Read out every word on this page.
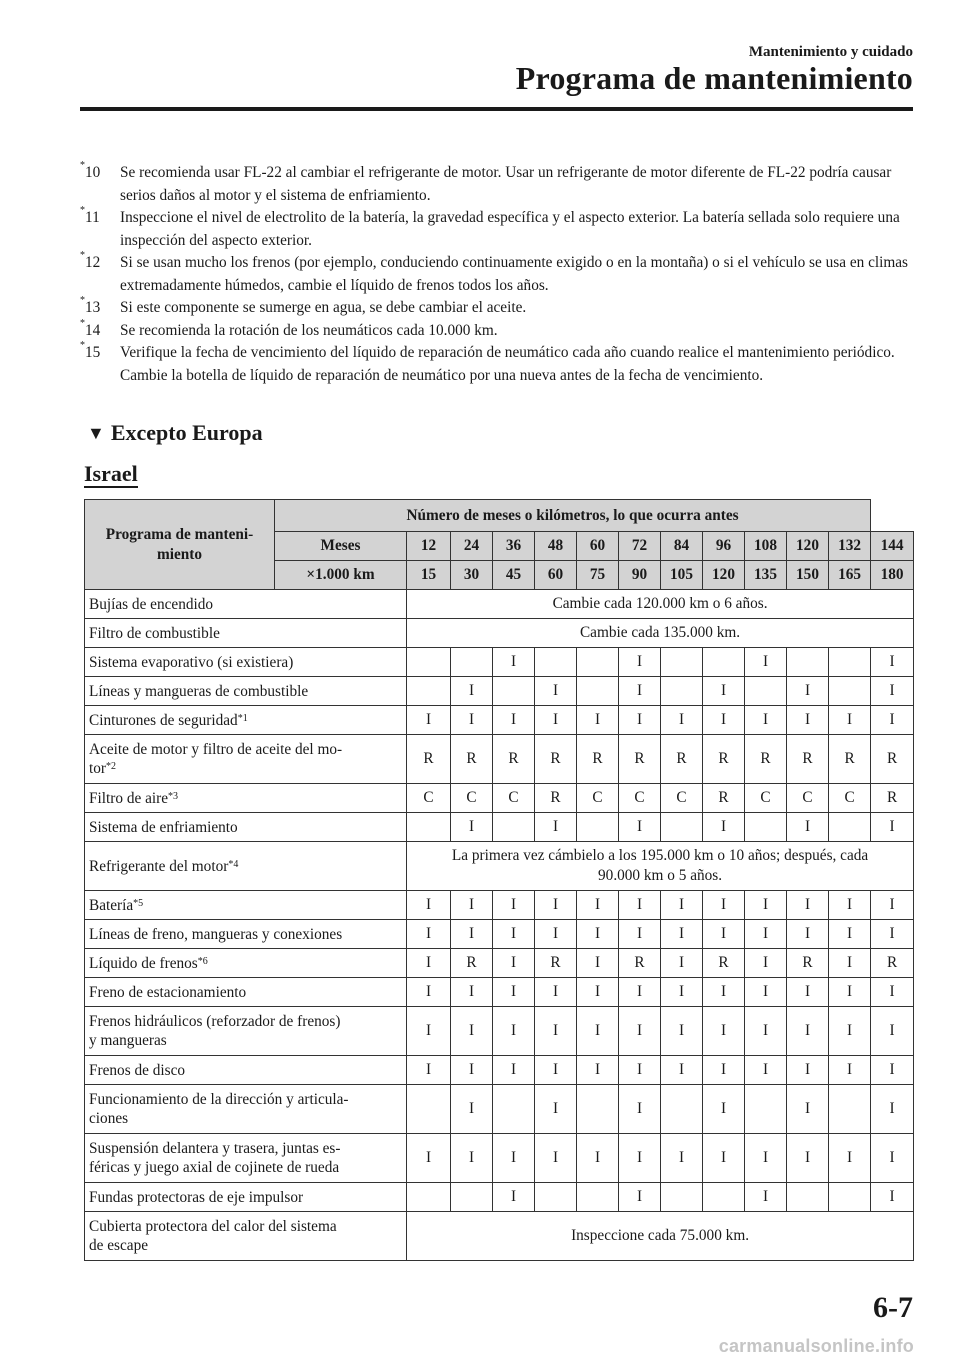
Mantenimiento y cuidado
Programa de mantenimiento
*10 Se recomienda usar FL-22 al cambiar el refrigerante de motor. Usar un refrigerante de motor diferente de FL-22 podría causar serios daños al motor y el sistema de enfriamiento.
*11 Inspeccione el nivel de electrolito de la batería, la gravedad específica y el aspecto exterior. La batería sellada solo requiere una inspección del aspecto exterior.
*12 Si se usan mucho los frenos (por ejemplo, conduciendo continuamente exigido o en la montaña) o si el vehículo se usa en climas extremadamente húmedos, cambie el líquido de frenos todos los años.
*13 Si este componente se sumerge en agua, se debe cambiar el aceite.
*14 Se recomienda la rotación de los neumáticos cada 10.000 km.
*15 Verifique la fecha de vencimiento del líquido de reparación de neumático cada año cuando realice el mantenimiento periódico. Cambie la botella de líquido de reparación de neumático por una nueva antes de la fecha de vencimiento.
▼ Excepto Europa
Israel
Programa de manteni-
miento	Número de meses o kilómetros, lo que ocurra antes												
	Meses	12	24	36	48	60	72	84	96	108	120	132	144
	×1.000 km	15	30	45	60	75	90	105	120	135	150	165	180
Bujías de encendido		Cambie cada 120.000 km o 6 años.											
Filtro de combustible		Cambie cada 135.000 km.											
Sistema evaporativo (si existiera)				I			I			I			I
Líneas y mangueras de combustible			I		I		I		I		I		I
Cinturones de seguridad$^{*1}$		I	I	I	I	I	I	I	I	I	I	I	I
Aceite de motor y filtro de aceite del mo-
tor$^{*2}$		R	R	R	R	R	R	R	R	R	R	R	R
Filtro de aire$^{*3}$		C	C	C	R	C	C	C	R	C	C	C	R
Sistema de enfriamiento			I		I		I		I		I		I
Refrigerante del motor$^{*4}$		La primera vez cámbielo a los 195.000 km o 10 años; después, cada
90.000 km o 5 años.											
Batería$^{*5}$		I	I	I	I	I	I	I	I	I	I	I	I
Líneas de freno, mangueras y conexiones		I	I	I	I	I	I	I	I	I	I	I	I
Líquido de frenos$^{*6}$		I	R	I	R	I	R	I	R	I	R	I	R
Freno de estacionamiento		I	I	I	I	I	I	I	I	I	I	I	I
Frenos hidráulicos (reforzador de frenos)
y mangueras		I	I	I	I	I	I	I	I	I	I	I	I
Frenos de disco		I	I	I	I	I	I	I	I	I	I	I	I
Funcionamiento de la dirección y articula-
ciones			I		I		I		I		I		I
Suspensión delantera y trasera, juntas es-
féricas y juego axial de cojinete de rueda		I	I	I	I	I	I	I	I	I	I	I	I
Fundas protectoras de eje impulsor				I			I			I			I
Cubierta protectora del calor del sistema
de escape		Inspeccione cada 75.000 km.											
6-7
carmanualsonline.info
